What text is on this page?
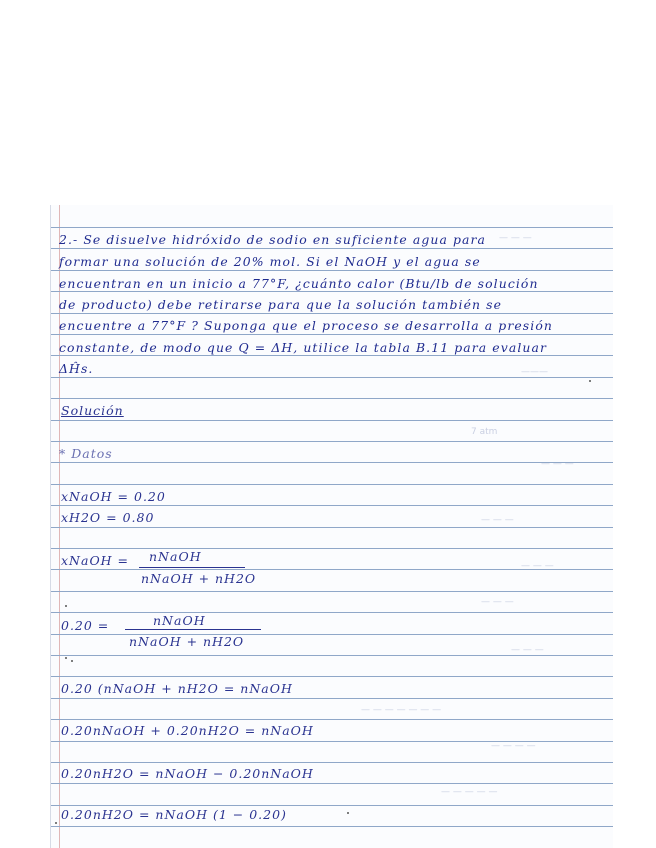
— — —
———
7 atm
— — —
— — —
— — —
— — —
— — —
— — — — — — —
— — — —
— — — — —
2.- Se disuelve hidróxido de sodio en suficiente agua para
formar una solución de 20% mol. Si el NaOH y el agua se
encuentran en un inicio a 77°F, ¿cuánto calor (Btu/lb de solución
de producto) debe retirarse para que la solución también se
encuentre a 77°F ? Suponga que el proceso se desarrolla a presión
constante, de modo que Q = ΔH, utilice la tabla B.11 para evaluar
ΔĤs.
Solución
* Datos
xNaOH = 0.20
xH2O = 0.80
xNaOH = nNaOH
nNaOH + nH2O
0.20 =	nNaOH
nNaOH + nH2O
0.20 (nNaOH + nH2O = nNaOH
0.20nNaOH + 0.20nH2O = nNaOH
0.20nH2O = nNaOH − 0.20nNaOH
0.20nH2O = nNaOH (1 − 0.20)
